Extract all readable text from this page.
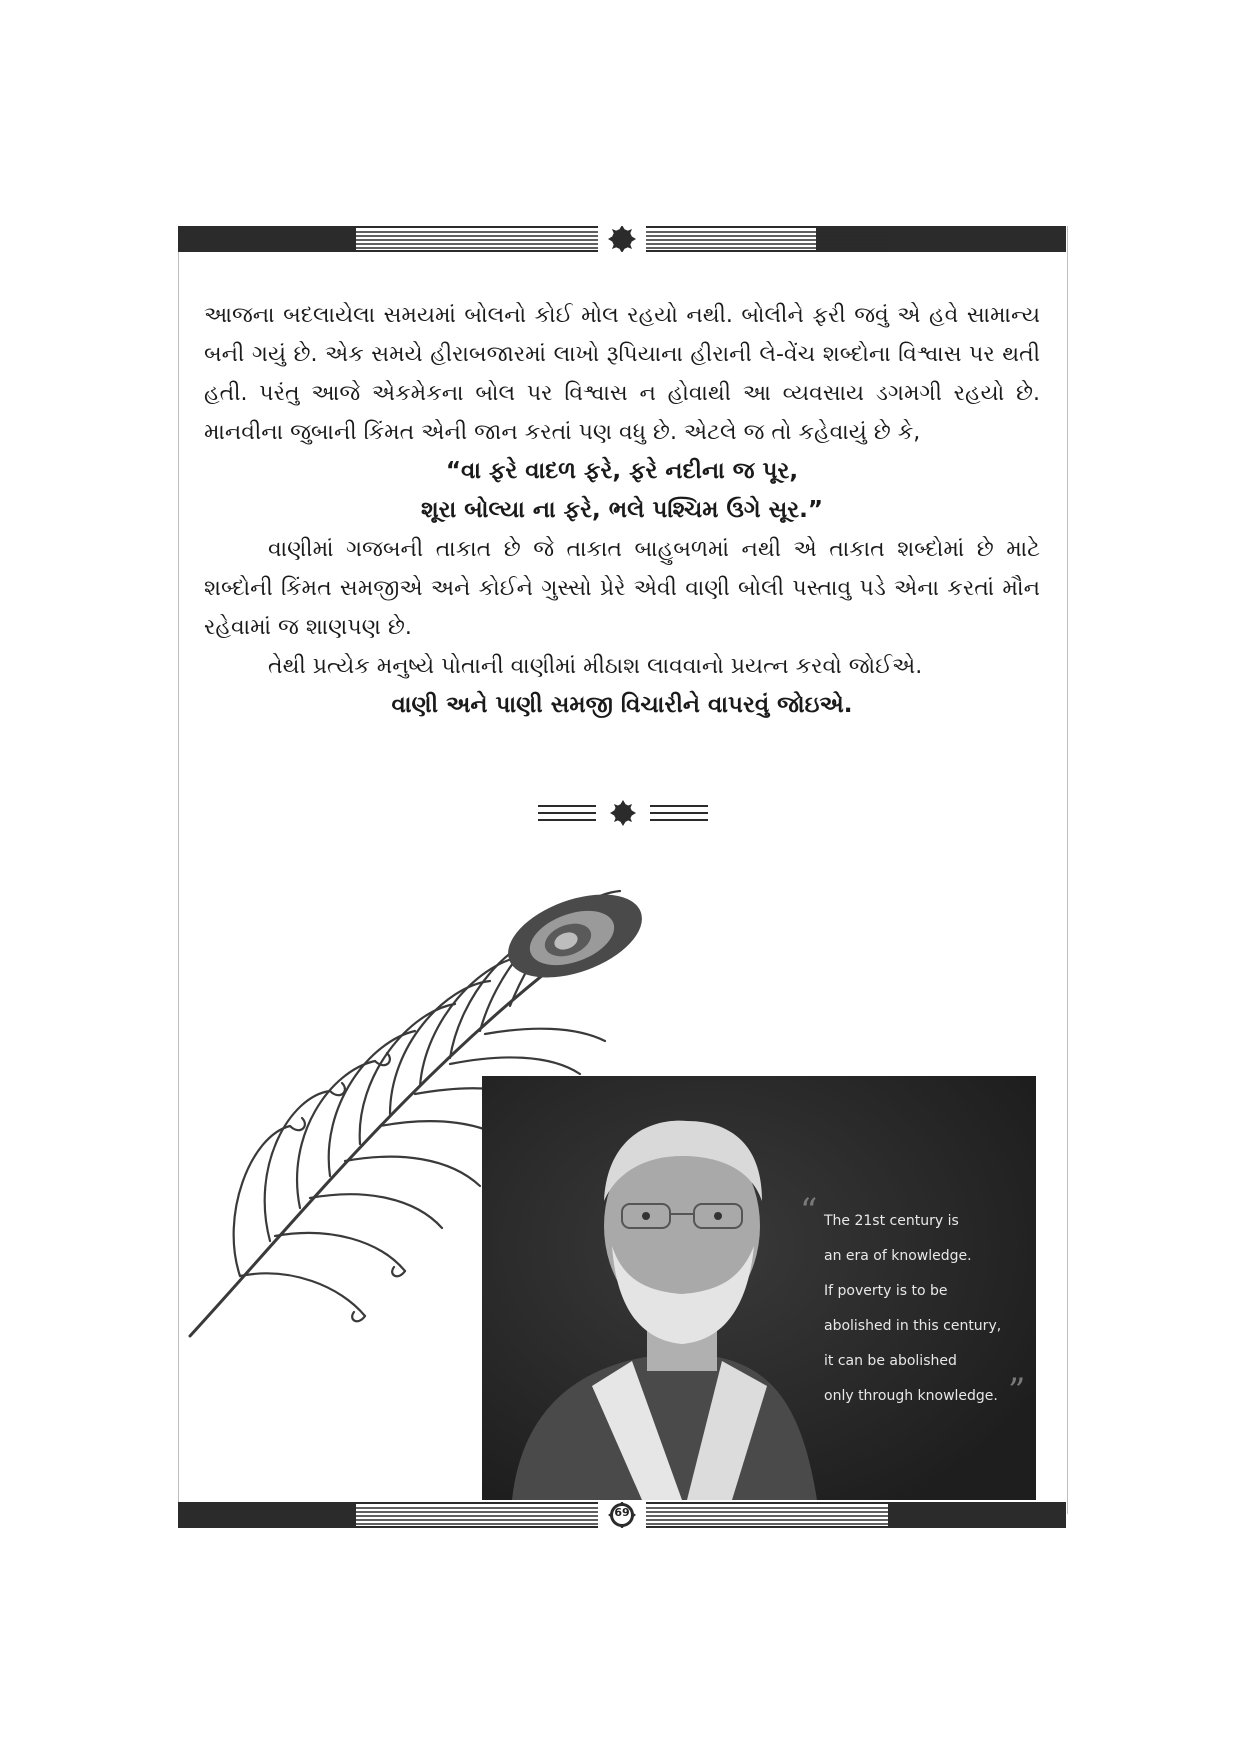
આજના બદલાયેલા સમયમાં બોલનો કોઈ મોલ રહયો નથી. બોલીને ફરી જવું એ હવે સામાન્ય બની ગયું છે. એક સમયે હીરાબજારમાં લાખો રૂપિયાના હીરાની લે-વેંચ શબ્દોના વિશ્વાસ પર થતી હતી. પરંતુ આજે એકમેકના બોલ પર વિશ્વાસ ન હોવાથી આ વ્યવસાય ડગમગી રહયો છે. માનવીના જુબાની કિંમત એની જાન કરતાં પણ વધુ છે. એટલે જ તો કહેવાયું છે કે,

“વા ફરે વાદળ ફરે, ફરે નદીના જ પૂર,

શૂરા બોલ્યા ના ફરે, ભલે પશ્ચિમ ઉગે સૂર.”

વાણીમાં ગજબની તાકાત છે જે તાકાત બાહુબળમાં નથી એ તાકાત શબ્દોમાં છે માટે શબ્દોની કિંમત સમજીએ અને કોઈને ગુસ્સો પ્રેરે એવી વાણી બોલી પસ્તાવુ પડે એના કરતાં મૌન રહેવામાં જ શાણપણ છે.

તેથી પ્રત્યેક મનુષ્યે પોતાની વાણીમાં મીઠાશ લાવવાનો પ્રયત્ન કરવો જોઈએ.

વાણી અને પાણી સમજી વિચારીને વાપરવું જોઇએ.

“ The 21st century is
an era of knowledge.
If poverty is to be
abolished in this century,
it can be abolished
only through knowledge. ”
69
